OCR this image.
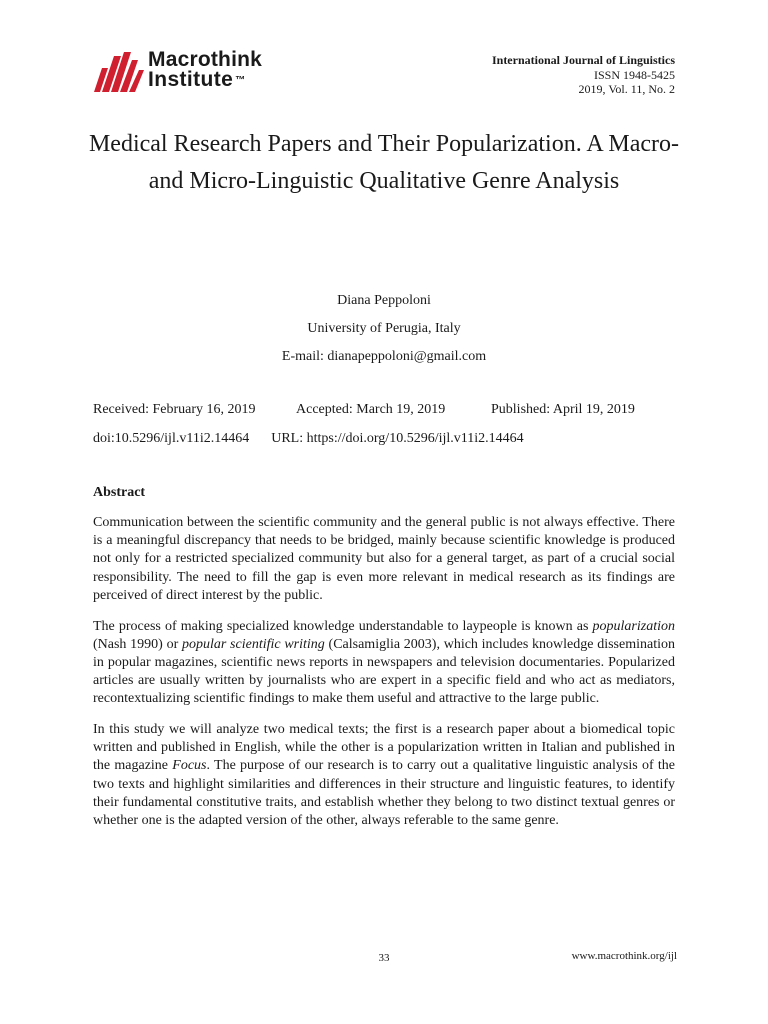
Macrothink
Institute ™
International Journal of Linguistics
ISSN 1948-5425
2019, Vol. 11, No. 2
Medical Research Papers and Their Popularization. A Macro- and Micro-Linguistic Qualitative Genre Analysis
Diana Peppoloni
University of Perugia, Italy
E-mail: dianapeppoloni@gmail.com
Received: February 16, 2019	Accepted: March 19, 2019	Published: April 19, 2019
doi:10.5296/ijl.v11i2.14464 URL: https://doi.org/10.5296/ijl.v11i2.14464
Abstract

Communication between the scientific community and the general public is not always effective. There is a meaningful discrepancy that needs to be bridged, mainly because scientific knowledge is produced not only for a restricted specialized community but also for a general target, as part of a crucial social responsibility. The need to fill the gap is even more relevant in medical research as its findings are perceived of direct interest by the public.

The process of making specialized knowledge understandable to laypeople is known as popularization (Nash 1990) or popular scientific writing (Calsamiglia 2003), which includes knowledge dissemination in popular magazines, scientific news reports in newspapers and television documentaries. Popularized articles are usually written by journalists who are expert in a specific field and who act as mediators, recontextualizing scientific findings to make them useful and attractive to the large public.

In this study we will analyze two medical texts; the first is a research paper about a biomedical topic written and published in English, while the other is a popularization written in Italian and published in the magazine Focus. The purpose of our research is to carry out a qualitative linguistic analysis of the two texts and highlight similarities and differences in their structure and linguistic features, to identify their fundamental constitutive traits, and establish whether they belong to two distinct textual genres or whether one is the adapted version of the other, always referable to the same genre.

33	www.macrothink.org/ijl
